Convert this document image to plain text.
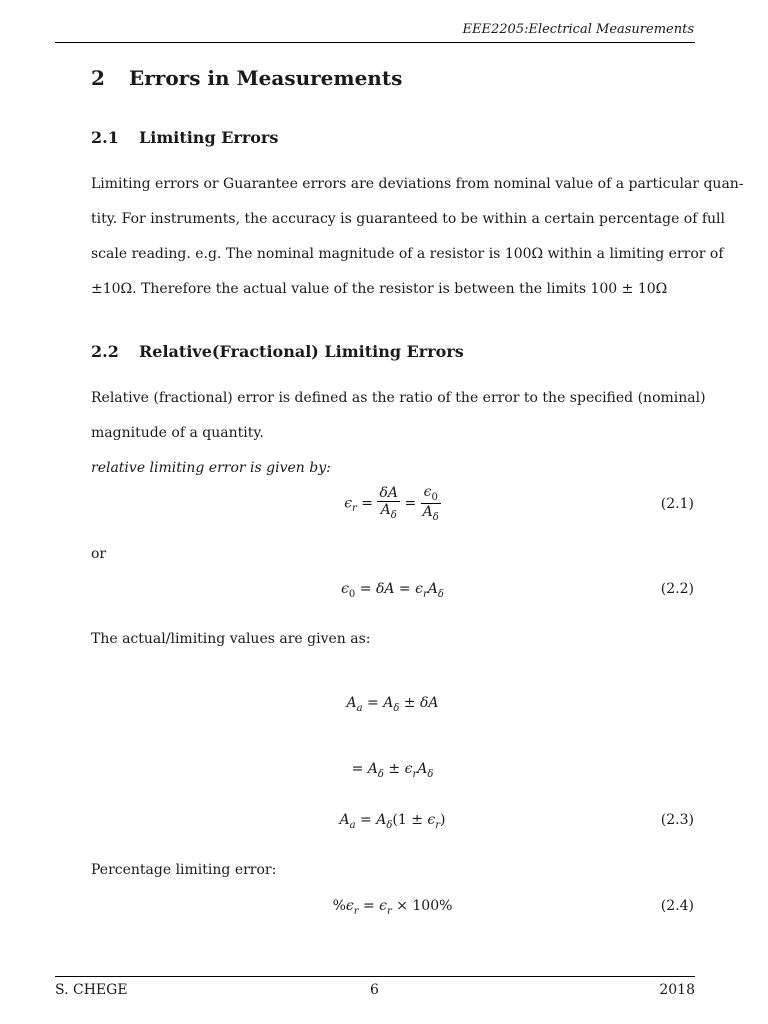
EEE2205:Electrical Measurements
2 Errors in Measurements
2.1 Limiting Errors
Limiting errors or Guarantee errors are deviations from nominal value of a particular quan-
tity. For instruments, the accuracy is guaranteed to be within a certain percentage of full
scale reading. e.g. The nominal magnitude of a resistor is 100Ω within a limiting error of
±10Ω. Therefore the actual value of the resistor is between the limits 100 ± 10Ω
2.2 Relative(Fractional) Limiting Errors
Relative (fractional) error is defined as the ratio of the error to the specified (nominal)
magnitude of a quantity.
relative limiting error is given by:
$\epsilon_r = \frac{\delta A}{A_\delta} = \frac{\epsilon_0}{A_\delta}$	(2.1)
or
$\epsilon_0 = \delta A = \epsilon_rA_\delta$	(2.2)
The actual/limiting values are given as:
$A_a = A_\delta \pm \delta A$
= $A_\delta \pm \epsilon_rA_\delta$
$A_a = A_\delta(1 \pm \epsilon_r)$	(2.3)
Percentage limiting error:
$\%\epsilon_r = \epsilon_r \times 100\%$	(2.4)
S. CHEGE	6	2018
